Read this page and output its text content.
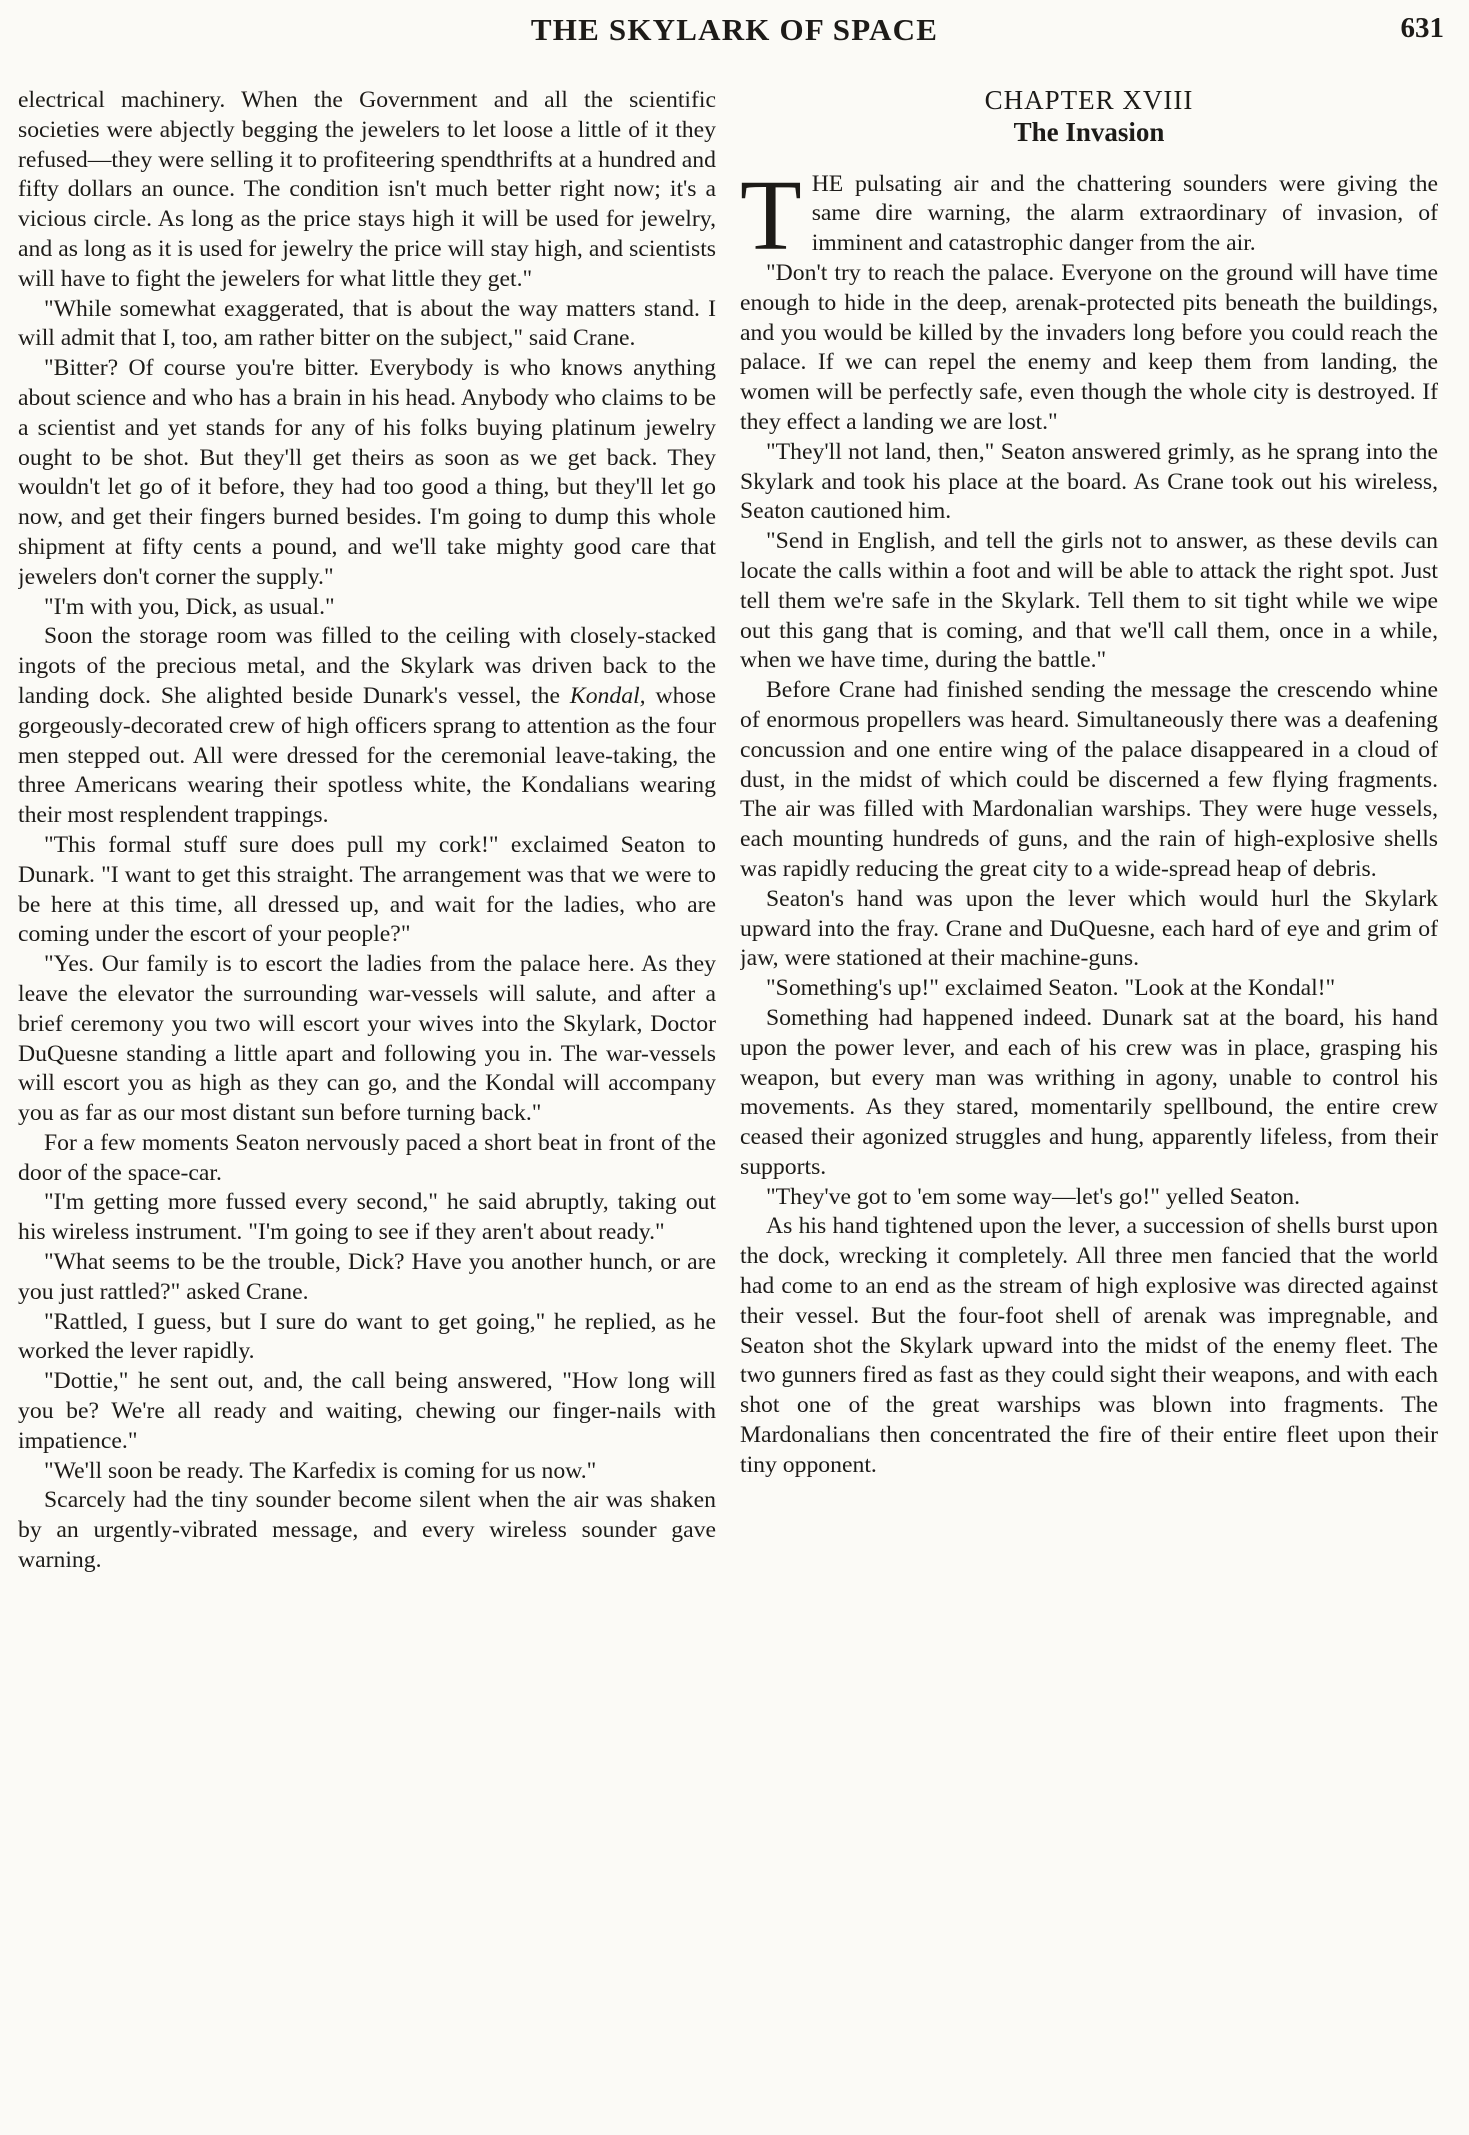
THE SKYLARK OF SPACE	631

electrical machinery. When the Government and all the scientific societies were abjectly begging the jewelers to let loose a little of it they refused—they were selling it to profiteering spendthrifts at a hundred and fifty dollars an ounce. The condition isn't much better right now; it's a vicious circle. As long as the price stays high it will be used for jewelry, and as long as it is used for jewelry the price will stay high, and scientists will have to fight the jewelers for what little they get."

"While somewhat exaggerated, that is about the way matters stand. I will admit that I, too, am rather bitter on the subject," said Crane.

"Bitter? Of course you're bitter. Everybody is who knows anything about science and who has a brain in his head. Anybody who claims to be a scientist and yet stands for any of his folks buying platinum jewelry ought to be shot. But they'll get theirs as soon as we get back. They wouldn't let go of it before, they had too good a thing, but they'll let go now, and get their fingers burned besides. I'm going to dump this whole shipment at fifty cents a pound, and we'll take mighty good care that jewelers don't corner the supply."

"I'm with you, Dick, as usual."

Soon the storage room was filled to the ceiling with closely-stacked ingots of the precious metal, and the Skylark was driven back to the landing dock. She alighted beside Dunark's vessel, the Kondal, whose gorgeously-decorated crew of high officers sprang to attention as the four men stepped out. All were dressed for the ceremonial leave-taking, the three Americans wearing their spotless white, the Kondalians wearing their most resplendent trappings.

"This formal stuff sure does pull my cork!" exclaimed Seaton to Dunark. "I want to get this straight. The arrangement was that we were to be here at this time, all dressed up, and wait for the ladies, who are coming under the escort of your people?"

"Yes. Our family is to escort the ladies from the palace here. As they leave the elevator the surrounding war-vessels will salute, and after a brief ceremony you two will escort your wives into the Skylark, Doctor DuQuesne standing a little apart and following you in. The war-vessels will escort you as high as they can go, and the Kondal will accompany you as far as our most distant sun before turning back."

For a few moments Seaton nervously paced a short beat in front of the door of the space-car.

"I'm getting more fussed every second," he said abruptly, taking out his wireless instrument. "I'm going to see if they aren't about ready."

"What seems to be the trouble, Dick? Have you another hunch, or are you just rattled?" asked Crane.

"Rattled, I guess, but I sure do want to get going," he replied, as he worked the lever rapidly.

"Dottie," he sent out, and, the call being answered, "How long will you be? We're all ready and waiting, chewing our finger-nails with impatience."

"We'll soon be ready. The Karfedix is coming for us now."

Scarcely had the tiny sounder become silent when the air was shaken by an urgently-vibrated message, and every wireless sounder gave warning.

CHAPTER XVIII
The Invasion

THE pulsating air and the chattering sounders were giving the same dire warning, the alarm extraordinary of invasion, of imminent and catastrophic danger from the air.

"Don't try to reach the palace. Everyone on the ground will have time enough to hide in the deep, arenak-protected pits beneath the buildings, and you would be killed by the invaders long before you could reach the palace. If we can repel the enemy and keep them from landing, the women will be perfectly safe, even though the whole city is destroyed. If they effect a landing we are lost."

"They'll not land, then," Seaton answered grimly, as he sprang into the Skylark and took his place at the board. As Crane took out his wireless, Seaton cautioned him.

"Send in English, and tell the girls not to answer, as these devils can locate the calls within a foot and will be able to attack the right spot. Just tell them we're safe in the Skylark. Tell them to sit tight while we wipe out this gang that is coming, and that we'll call them, once in a while, when we have time, during the battle."

Before Crane had finished sending the message the crescendo whine of enormous propellers was heard. Simultaneously there was a deafening concussion and one entire wing of the palace disappeared in a cloud of dust, in the midst of which could be discerned a few flying fragments. The air was filled with Mardonalian warships. They were huge vessels, each mounting hundreds of guns, and the rain of high-explosive shells was rapidly reducing the great city to a wide-spread heap of debris.

Seaton's hand was upon the lever which would hurl the Skylark upward into the fray. Crane and DuQuesne, each hard of eye and grim of jaw, were stationed at their machine-guns.

"Something's up!" exclaimed Seaton. "Look at the Kondal!"

Something had happened indeed. Dunark sat at the board, his hand upon the power lever, and each of his crew was in place, grasping his weapon, but every man was writhing in agony, unable to control his movements. As they stared, momentarily spellbound, the entire crew ceased their agonized struggles and hung, apparently lifeless, from their supports.

"They've got to 'em some way—let's go!" yelled Seaton.

As his hand tightened upon the lever, a succession of shells burst upon the dock, wrecking it completely. All three men fancied that the world had come to an end as the stream of high explosive was directed against their vessel. But the four-foot shell of arenak was impregnable, and Seaton shot the Skylark upward into the midst of the enemy fleet. The two gunners fired as fast as they could sight their weapons, and with each shot one of the great warships was blown into fragments. The Mardonalians then concentrated the fire of their entire fleet upon their tiny opponent.
